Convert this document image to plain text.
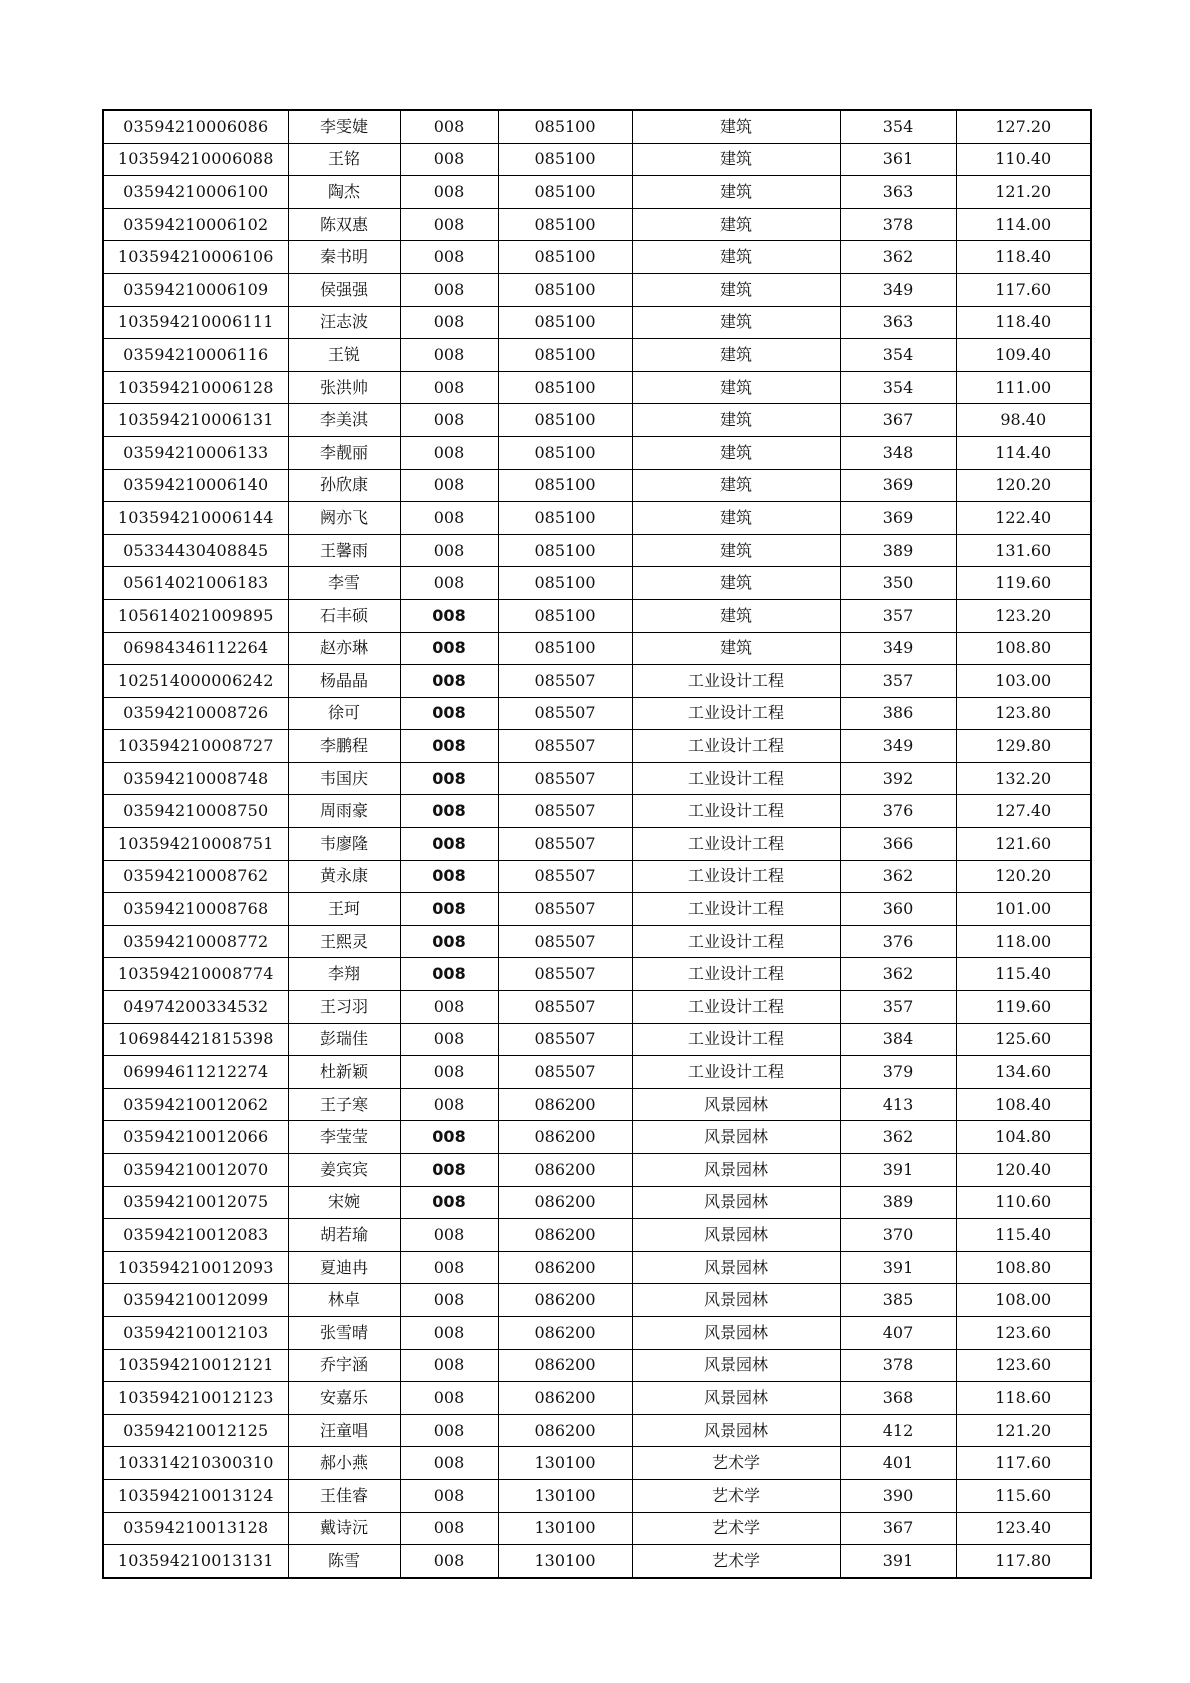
03594210006086	李雯婕	008	085100	建筑	354	127.20
103594210006088	王铭	008	085100	建筑	361	110.40
03594210006100	陶杰	008	085100	建筑	363	121.20
03594210006102	陈双惠	008	085100	建筑	378	114.00
103594210006106	秦书明	008	085100	建筑	362	118.40
03594210006109	侯强强	008	085100	建筑	349	117.60
103594210006111	汪志波	008	085100	建筑	363	118.40
03594210006116	王锐	008	085100	建筑	354	109.40
103594210006128	张洪帅	008	085100	建筑	354	111.00
103594210006131	李美淇	008	085100	建筑	367	98.40
03594210006133	李靓丽	008	085100	建筑	348	114.40
03594210006140	孙欣康	008	085100	建筑	369	120.20
103594210006144	阙亦飞	008	085100	建筑	369	122.40
05334430408845	王馨雨	008	085100	建筑	389	131.60
05614021006183	李雪	008	085100	建筑	350	119.60
105614021009895	石丰硕	008	085100	建筑	357	123.20
06984346112264	赵亦琳	008	085100	建筑	349	108.80
102514000006242	杨晶晶	008	085507	工业设计工程	357	103.00
03594210008726	徐可	008	085507	工业设计工程	386	123.80
103594210008727	李鹏程	008	085507	工业设计工程	349	129.80
03594210008748	韦国庆	008	085507	工业设计工程	392	132.20
03594210008750	周雨豪	008	085507	工业设计工程	376	127.40
103594210008751	韦廖隆	008	085507	工业设计工程	366	121.60
03594210008762	黄永康	008	085507	工业设计工程	362	120.20
03594210008768	王珂	008	085507	工业设计工程	360	101.00
03594210008772	王熙灵	008	085507	工业设计工程	376	118.00
103594210008774	李翔	008	085507	工业设计工程	362	115.40
04974200334532	王习羽	008	085507	工业设计工程	357	119.60
106984421815398	彭瑞佳	008	085507	工业设计工程	384	125.60
06994611212274	杜新颖	008	085507	工业设计工程	379	134.60
03594210012062	王子寒	008	086200	风景园林	413	108.40
03594210012066	李莹莹	008	086200	风景园林	362	104.80
03594210012070	姜宾宾	008	086200	风景园林	391	120.40
03594210012075	宋婉	008	086200	风景园林	389	110.60
03594210012083	胡若瑜	008	086200	风景园林	370	115.40
103594210012093	夏迪冉	008	086200	风景园林	391	108.80
03594210012099	林卓	008	086200	风景园林	385	108.00
03594210012103	张雪晴	008	086200	风景园林	407	123.60
103594210012121	乔宇涵	008	086200	风景园林	378	123.60
103594210012123	安嘉乐	008	086200	风景园林	368	118.60
03594210012125	汪童唱	008	086200	风景园林	412	121.20
103314210300310	郝小燕	008	130100	艺术学	401	117.60
103594210013124	王佳睿	008	130100	艺术学	390	115.60
03594210013128	戴诗沅	008	130100	艺术学	367	123.40
103594210013131	陈雪	008	130100	艺术学	391	117.80
